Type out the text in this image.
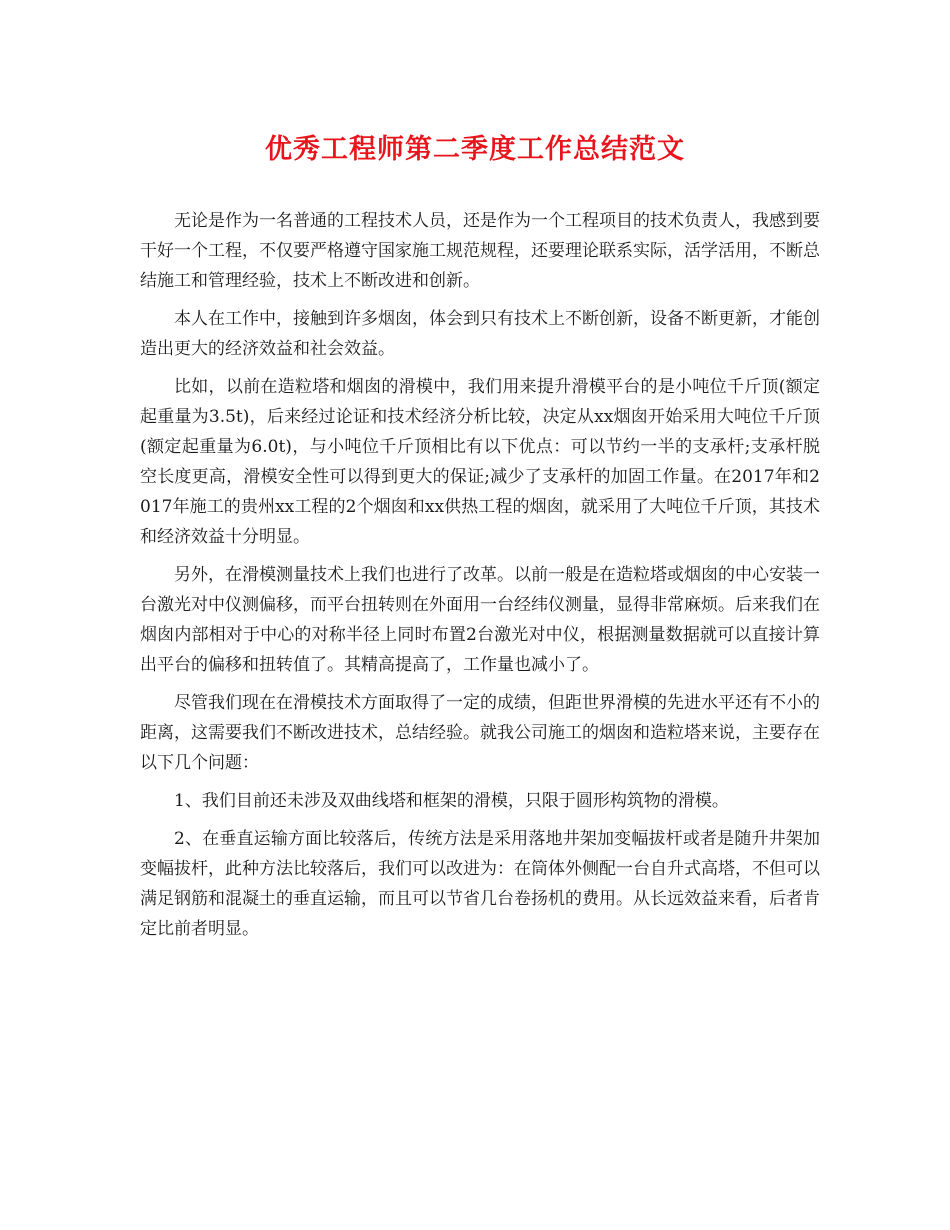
优秀工程师第二季度工作总结范文

无论是作为一名普通的工程技术人员，还是作为一个工程项目的技术负责人，我感到要干好一个工程，不仅要严格遵守国家施工规范规程，还要理论联系实际，活学活用，不断总结施工和管理经验，技术上不断改进和创新。

本人在工作中，接触到许多烟囱，体会到只有技术上不断创新，设备不断更新，才能创造出更大的经济效益和社会效益。

比如，以前在造粒塔和烟囱的滑模中，我们用来提升滑模平台的是小吨位千斤顶(额定起重量为3.5t)，后来经过论证和技术经济分析比较，决定从xx烟囱开始采用大吨位千斤顶(额定起重量为6.0t)，与小吨位千斤顶相比有以下优点：可以节约一半的支承杆;支承杆脱空长度更高，滑模安全性可以得到更大的保证;减少了支承杆的加固工作量。在2017年和2017年施工的贵州xx工程的2个烟囱和xx供热工程的烟囱，就采用了大吨位千斤顶，其技术和经济效益十分明显。

另外，在滑模测量技术上我们也进行了改革。以前一般是在造粒塔或烟囱的中心安装一台激光对中仪测偏移，而平台扭转则在外面用一台经纬仪测量，显得非常麻烦。后来我们在烟囱内部相对于中心的对称半径上同时布置2台激光对中仪，根据测量数据就可以直接计算出平台的偏移和扭转值了。其精高提高了，工作量也减小了。

尽管我们现在在滑模技术方面取得了一定的成绩，但距世界滑模的先进水平还有不小的距离，这需要我们不断改进技术，总结经验。就我公司施工的烟囱和造粒塔来说，主要存在以下几个问题：

1、我们目前还未涉及双曲线塔和框架的滑模，只限于圆形构筑物的滑模。

2、在垂直运输方面比较落后，传统方法是采用落地井架加变幅拔杆或者是随升井架加变幅拔杆，此种方法比较落后，我们可以改进为：在筒体外侧配一台自升式高塔，不但可以满足钢筋和混凝土的垂直运输，而且可以节省几台卷扬机的费用。从长远效益来看，后者肯定比前者明显。
